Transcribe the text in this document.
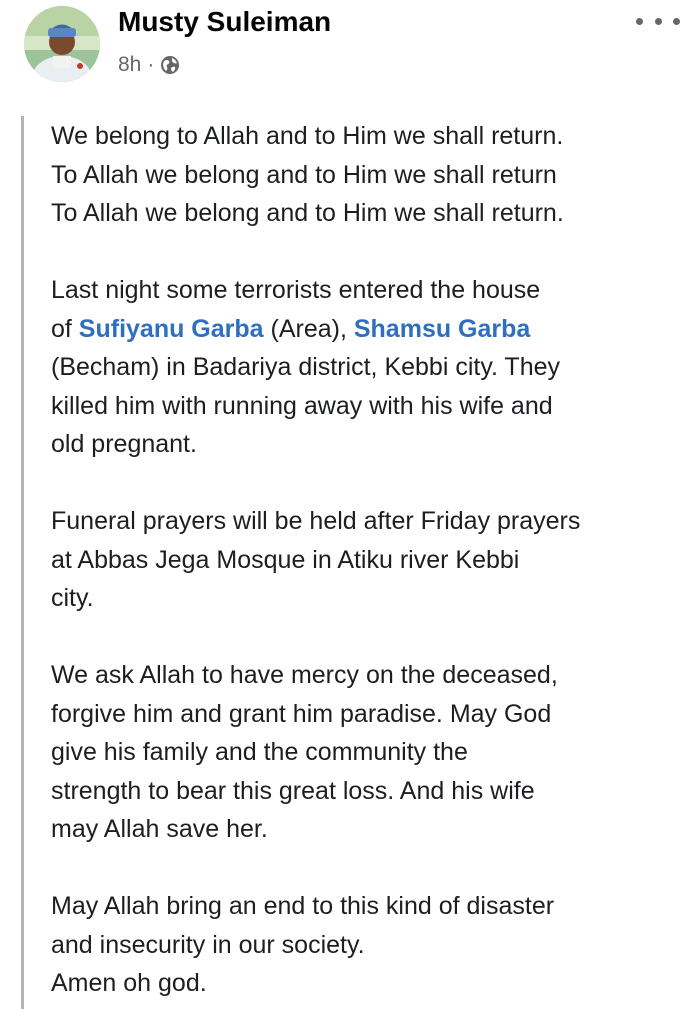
Musty Suleiman
8h ·

We belong to Allah and to Him we shall return.
To Allah we belong and to Him we shall return
To Allah we belong and to Him we shall return.

Last night some terrorists entered the house
of Sufiyanu Garba (Area), Shamsu Garba
(Becham) in Badariya district, Kebbi city. They
killed him with running away with his wife and
old pregnant.

Funeral prayers will be held after Friday prayers
at Abbas Jega Mosque in Atiku river Kebbi
city.

We ask Allah to have mercy on the deceased,
forgive him and grant him paradise. May God
give his family and the community the
strength to bear this great loss. And his wife
may Allah save her.

May Allah bring an end to this kind of disaster
and insecurity in our society.
Amen oh god.
